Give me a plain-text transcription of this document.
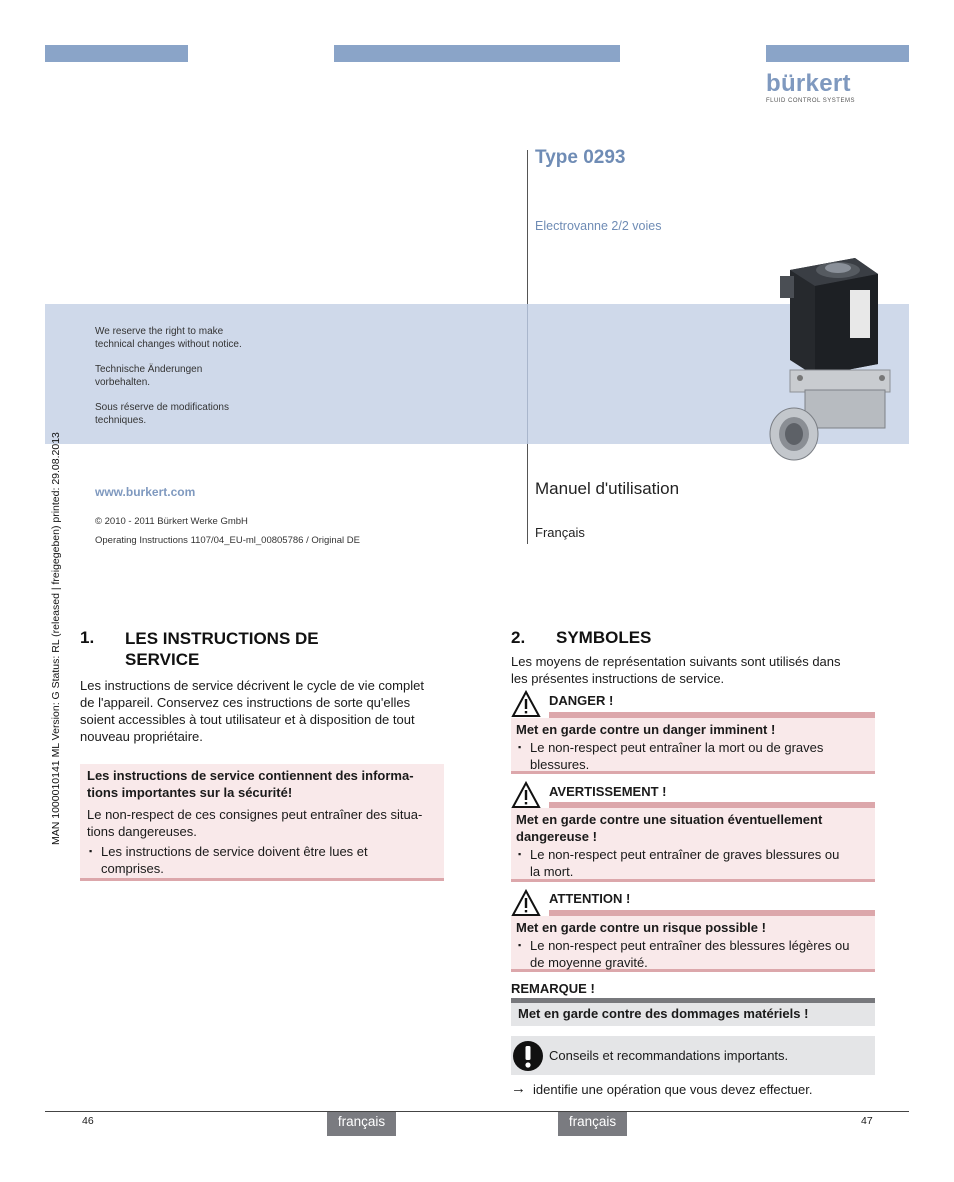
bürkert
FLUID CONTROL SYSTEMS
Type 0293
Electrovanne 2/2 voies
We reserve the right to make
technical changes without notice.
Technische Änderungen
vorbehalten.
Sous réserve de modifications
techniques.
MAN 1000010141 ML Version: G Status: RL (released | freigegeben) printed: 29.08.2013	www.burkert.com
© 2010 - 2011 Bürkert Werke GmbH
Operating Instructions 1107/04_EU-ml_00805786 / Original DE
Manuel d'utilisation
Français
1. LES INSTRUCTIONS DE
SERVICE
Les instructions de service décrivent le cycle de vie complet
de l'appareil. Conservez ces instructions de sorte qu'elles
soient accessibles à tout utilisateur et à disposition de tout
nouveau propriétaire.
Les instructions de service contiennent des informa-
tions importantes sur la sécurité!
Le non-respect de ces consignes peut entraîner des situa-
tions dangereuses.
▪ Les instructions de service doivent être lues et
comprises.
2. SYMBOLES
Les moyens de représentation suivants sont utilisés dans
les présentes instructions de service.
DANGER !
Met en garde contre un danger imminent !
▪ Le non-respect peut entraîner la mort ou de graves
blessures.
AVERTISSEMENT !
Met en garde contre une situation éventuellement
dangereuse !
▪ Le non-respect peut entraîner de graves blessures ou
la mort.
ATTENTION !
Met en garde contre un risque possible !
▪ Le non-respect peut entraîner des blessures légères ou
de moyenne gravité.
REMARQUE !
Met en garde contre des dommages matériels !
Conseils et recommandations importants.
→ identifie une opération que vous devez effectuer.
46	47
français	français
